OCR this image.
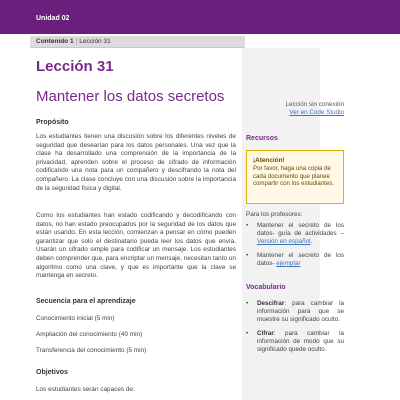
Unidad 02
Contenido 1 | Lección 31
Lección 31
Mantener los datos secretos
Propósito
Los estudiantes tienen una discusión sobre los diferentes niveles de seguridad que desearían para los datos personales. Una vez que la clase ha desarrollado una comprensión de la importancia de la privacidad, aprenden sobre el proceso de cifrado de información codificando una nota para un compañero y descifrando la nota del compañero. La clase concluye con una discusión sobre la importancia de la seguridad física y digital.
Como los estudiantes han estado codificando y decodificando con datos, no han estado preocupados por la seguridad de los datos que están usando. En esta lección, comienzan a pensar en cómo pueden garantizar que solo el destinatario pueda leer los datos que envía. Usarán un cifrado simple para codificar un mensaje. Los estudiantes deben comprender que, para encriptar un mensaje, necesitan tanto un algoritmo como una clave, y que es importante que la clave se mantenga en secreto.
Secuencia para el aprendizaje
Conocimiento inicial (5 min)
Ampliación del conocimiento (40 min)
Transferencia del conocimiento (5 min)
Objetivos
Los estudiantes serán capaces de:
Lección sin conexión
Ver en Code Studio
Recursos
¡Atención!
Por favor, haga una copia de cada documento que planee compartir con los estudiantes.
Para los profesores:
• Mantener el secreto de los datos- guía de actividades – Versión en español.
• Mantener el secreto de los datos- ejemplar
Vocabulario
• Descifrar: para cambiar la información para que se muestre su significado oculto.
• Cifrar: para cambiar la información de modo que su significado quede oculto.
